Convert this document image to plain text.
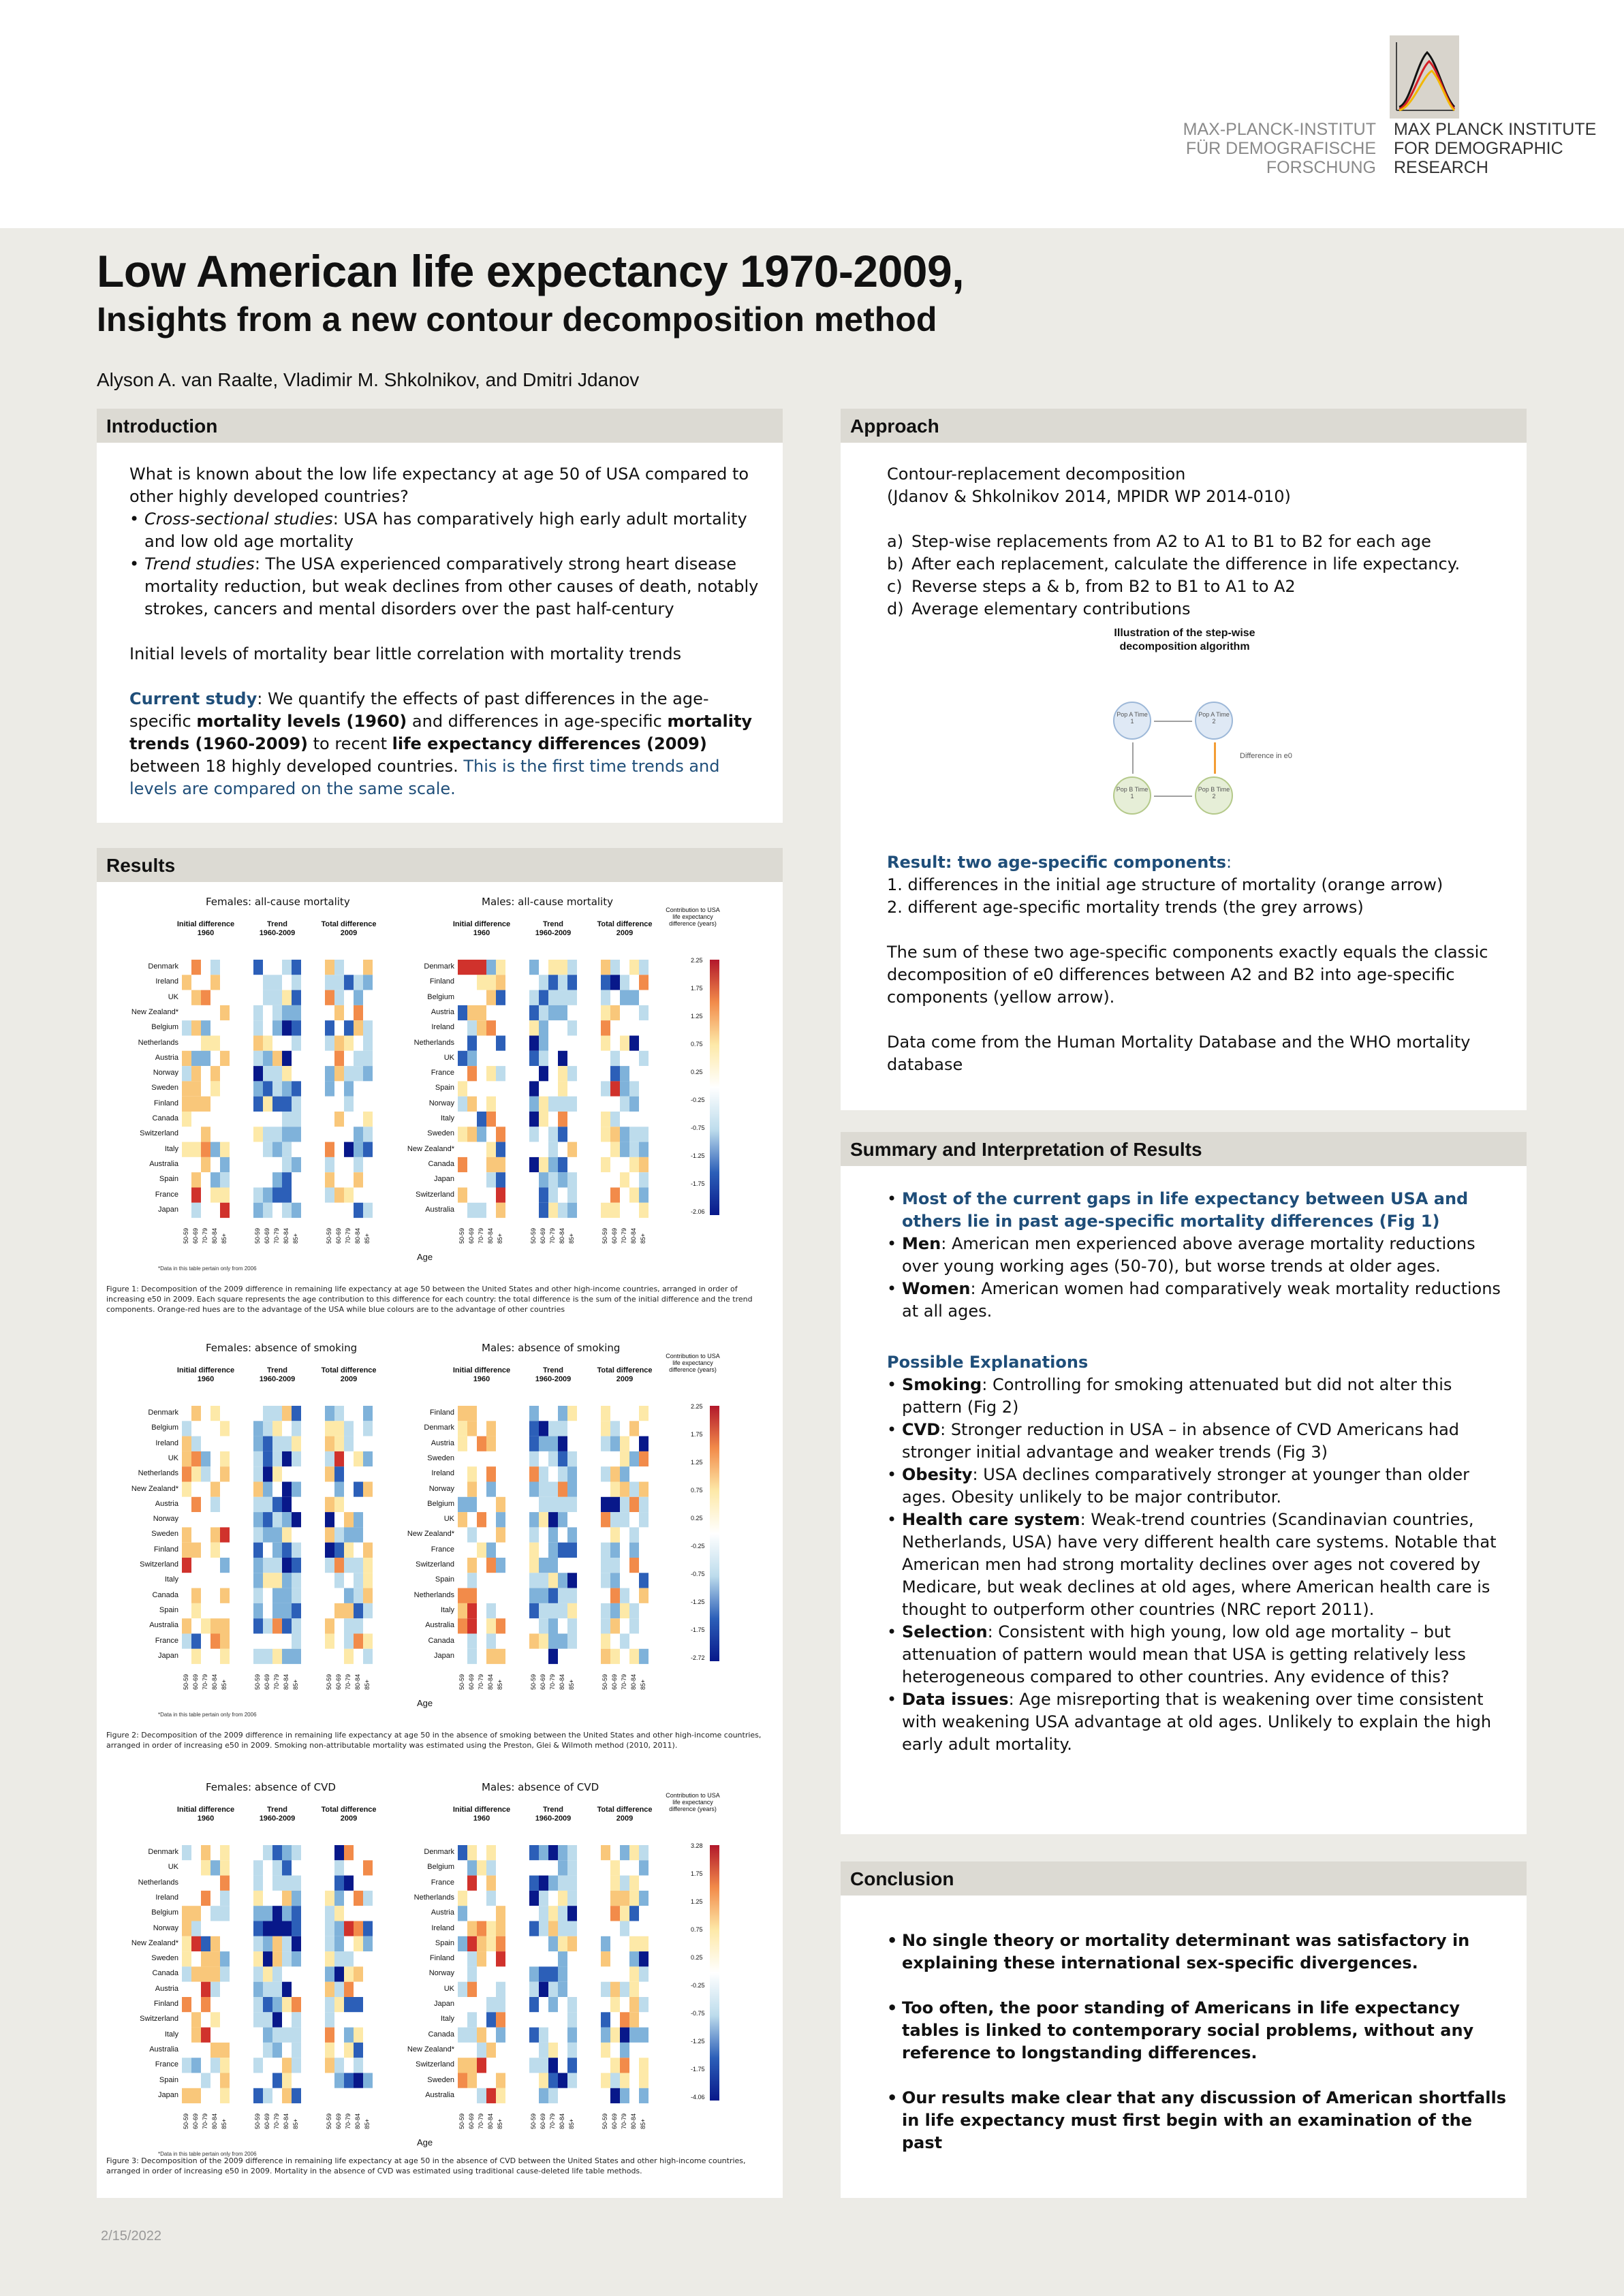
MAX-PLANCK-INSTITUT
FÜR DEMOGRAFISCHE
FORSCHUNG
MAX PLANCK INSTITUTE
FOR DEMOGRAPHIC
RESEARCH
Low American life expectancy 1970-2009,
Insights from a new contour decomposition method
Alyson A. van Raalte, Vladimir M. Shkolnikov, and Dmitri Jdanov
Introduction
What is known about the low life expectancy at age 50 of USA compared to other highly developed countries?
• Cross-sectional studies: USA has comparatively high early adult mortality and low old age mortality
• Trend studies: The USA experienced comparatively strong heart disease mortality reduction, but weak declines from other causes of death, notably strokes, cancers and mental disorders over the past half-century
Initial levels of mortality bear little correlation with mortality trends
Current study: We quantify the effects of past differences in the age-specific mortality levels (1960) and differences in age-specific mortality trends (1960-2009) to recent life expectancy differences (2009) between 18 highly developed countries. This is the first time trends and levels are compared on the same scale.
Results
Females: all-cause mortality
Initial difference
1960
Trend
1960-2009
Total difference
2009
Denmark
Ireland
UK
New Zealand*
Belgium
Netherlands
Austria
Norway
Sweden
Finland
Canada
Switzerland
Italy
Australia
Spain
France
Japan
50-59 60-69 70-79 80-84 85+	50-59 60-69 70-79 80-84 85+	50-59 60-69 70-79 80-84 85+
Age
*Data in this table pertain only from 2006
Males: all-cause mortality
Initial difference
1960
Trend
1960-2009
Total difference
2009
Denmark
Finland
Belgium
Austria
Ireland
Netherlands
UK
France
Spain
Norway
Italy
Sweden
New Zealand*
Canada
Japan
Switzerland
Australia
50-59 60-69 70-79 80-84 85+	50-59 60-69 70-79 80-84 85+	50-59 60-69 70-79 80-84 85+
Contribution to USA life expectancy difference (years)
2.25
1.75
1.25
0.75
0.25
-0.25
-0.75
-1.25
-1.75
-2.06
Figure 1: Decomposition of the 2009 difference in remaining life expectancy at age 50 between the United States and other high-income countries, arranged in order of increasing e50 in 2009. Each square represents the age contribution to this difference for each country: the total difference is the sum of the initial difference and the trend components. Orange-red hues are to the advantage of the USA while blue colours are to the advantage of other countries
Females: absence of smoking
Initial difference
1960
Trend
1960-2009
Total difference
2009
Denmark
Belgium
Ireland
UK
Netherlands
New Zealand*
Austria
Norway
Sweden
Finland
Switzerland
Italy
Canada
Spain
Australia
France
Japan
50-59 60-69 70-79 80-84 85+	50-59 60-69 70-79 80-84 85+	50-59 60-69 70-79 80-84 85+
Age
*Data in this table pertain only from 2006
Males: absence of smoking
Initial difference
1960
Trend
1960-2009
Total difference
2009
Finland
Denmark
Austria
Sweden
Ireland
Norway
Belgium
UK
New Zealand*
France
Switzerland
Spain
Netherlands
Italy
Australia
Canada
Japan
50-59 60-69 70-79 80-84 85+	50-59 60-69 70-79 80-84 85+	50-59 60-69 70-79 80-84 85+
Contribution to USA life expectancy difference (years)
2.25
1.75
1.25
0.75
0.25
-0.25
-0.75
-1.25
-1.75
-2.72
Figure 2: Decomposition of the 2009 difference in remaining life expectancy at age 50 in the absence of smoking between the United States and other high-income countries, arranged in order of increasing e50 in 2009. Smoking non-attributable mortality was estimated using the Preston, Glei & Wilmoth method (2010, 2011).
Females: absence of CVD
Initial difference
1960
Trend
1960-2009
Total difference
2009
Denmark
UK
Netherlands
Ireland
Belgium
Norway
New Zealand*
Sweden
Canada
Austria
Finland
Switzerland
Italy
Australia
France
Spain
Japan
50-59 60-69 70-79 80-84 85+	50-59 60-69 70-79 80-84 85+	50-59 60-69 70-79 80-84 85+
Age
*Data in this table pertain only from 2006
Males: absence of CVD
Initial difference
1960
Trend
1960-2009
Total difference
2009
Denmark
Belgium
France
Netherlands
Austria
Ireland
Spain
Finland
Norway
UK
Japan
Italy
Canada
New Zealand*
Switzerland
Sweden
Australia
50-59 60-69 70-79 80-84 85+	50-59 60-69 70-79 80-84 85+	50-59 60-69 70-79 80-84 85+
Contribution to USA life expectancy difference (years)
3.28
1.75
1.25
0.75
0.25
-0.25
-0.75
-1.25
-1.75
-4.06
Figure 3: Decomposition of the 2009 difference in remaining life expectancy at age 50 in the absence of CVD between the United States and other high-income countries, arranged in order of increasing e50 in 2009. Mortality in the absence of CVD was estimated using traditional cause-deleted life table methods.
Approach
Contour-replacement decomposition
(Jdanov & Shkolnikov 2014, MPIDR WP 2014-010)
a) Step-wise replacements from A2 to A1 to B1 to B2 for each age
b) After each replacement, calculate the difference in life expectancy.
c) Reverse steps a & b, from B2 to B1 to A1 to A2
d) Average elementary contributions
Illustration of the step-wise decomposition algorithm
Pop A Time 1
Pop A Time 2
Pop B Time 1
Pop B Time 2
Difference in e0
Result: two age-specific components:
1. differences in the initial age structure of mortality (orange arrow)
2. different age-specific mortality trends (the grey arrows)
The sum of these two age-specific components exactly equals the classic decomposition of e0 differences between A2 and B2 into age-specific components (yellow arrow).
Data come from the Human Mortality Database and the WHO mortality database
Summary and Interpretation of Results
• Most of the current gaps in life expectancy between USA and others lie in past age-specific mortality differences (Fig 1)
• Men: American men experienced above average mortality reductions over young working ages (50-70), but worse trends at older ages.
• Women: American women had comparatively weak mortality reductions at all ages.
Possible Explanations
• Smoking: Controlling for smoking attenuated but did not alter this pattern (Fig 2)
• CVD: Stronger reduction in USA – in absence of CVD Americans had stronger initial advantage and weaker trends (Fig 3)
• Obesity: USA declines comparatively stronger at younger than older ages. Obesity unlikely to be major contributor.
• Health care system: Weak-trend countries (Scandinavian countries, Netherlands, USA) have very different health care systems. Notable that American men had strong mortality declines over ages not covered by Medicare, but weak declines at old ages, where American health care is thought to outperform other countries (NRC report 2011).
• Selection: Consistent with high young, low old age mortality – but attenuation of pattern would mean that USA is getting relatively less heterogeneous compared to other countries. Any evidence of this?
• Data issues: Age misreporting that is weakening over time consistent with weakening USA advantage at old ages. Unlikely to explain the high early adult mortality.
Conclusion
• No single theory or mortality determinant was satisfactory in explaining these international sex-specific divergences.
• Too often, the poor standing of Americans in life expectancy tables is linked to contemporary social problems, without any reference to longstanding differences.
• Our results make clear that any discussion of American shortfalls in life expectancy must first begin with an examination of the past
2/15/2022
